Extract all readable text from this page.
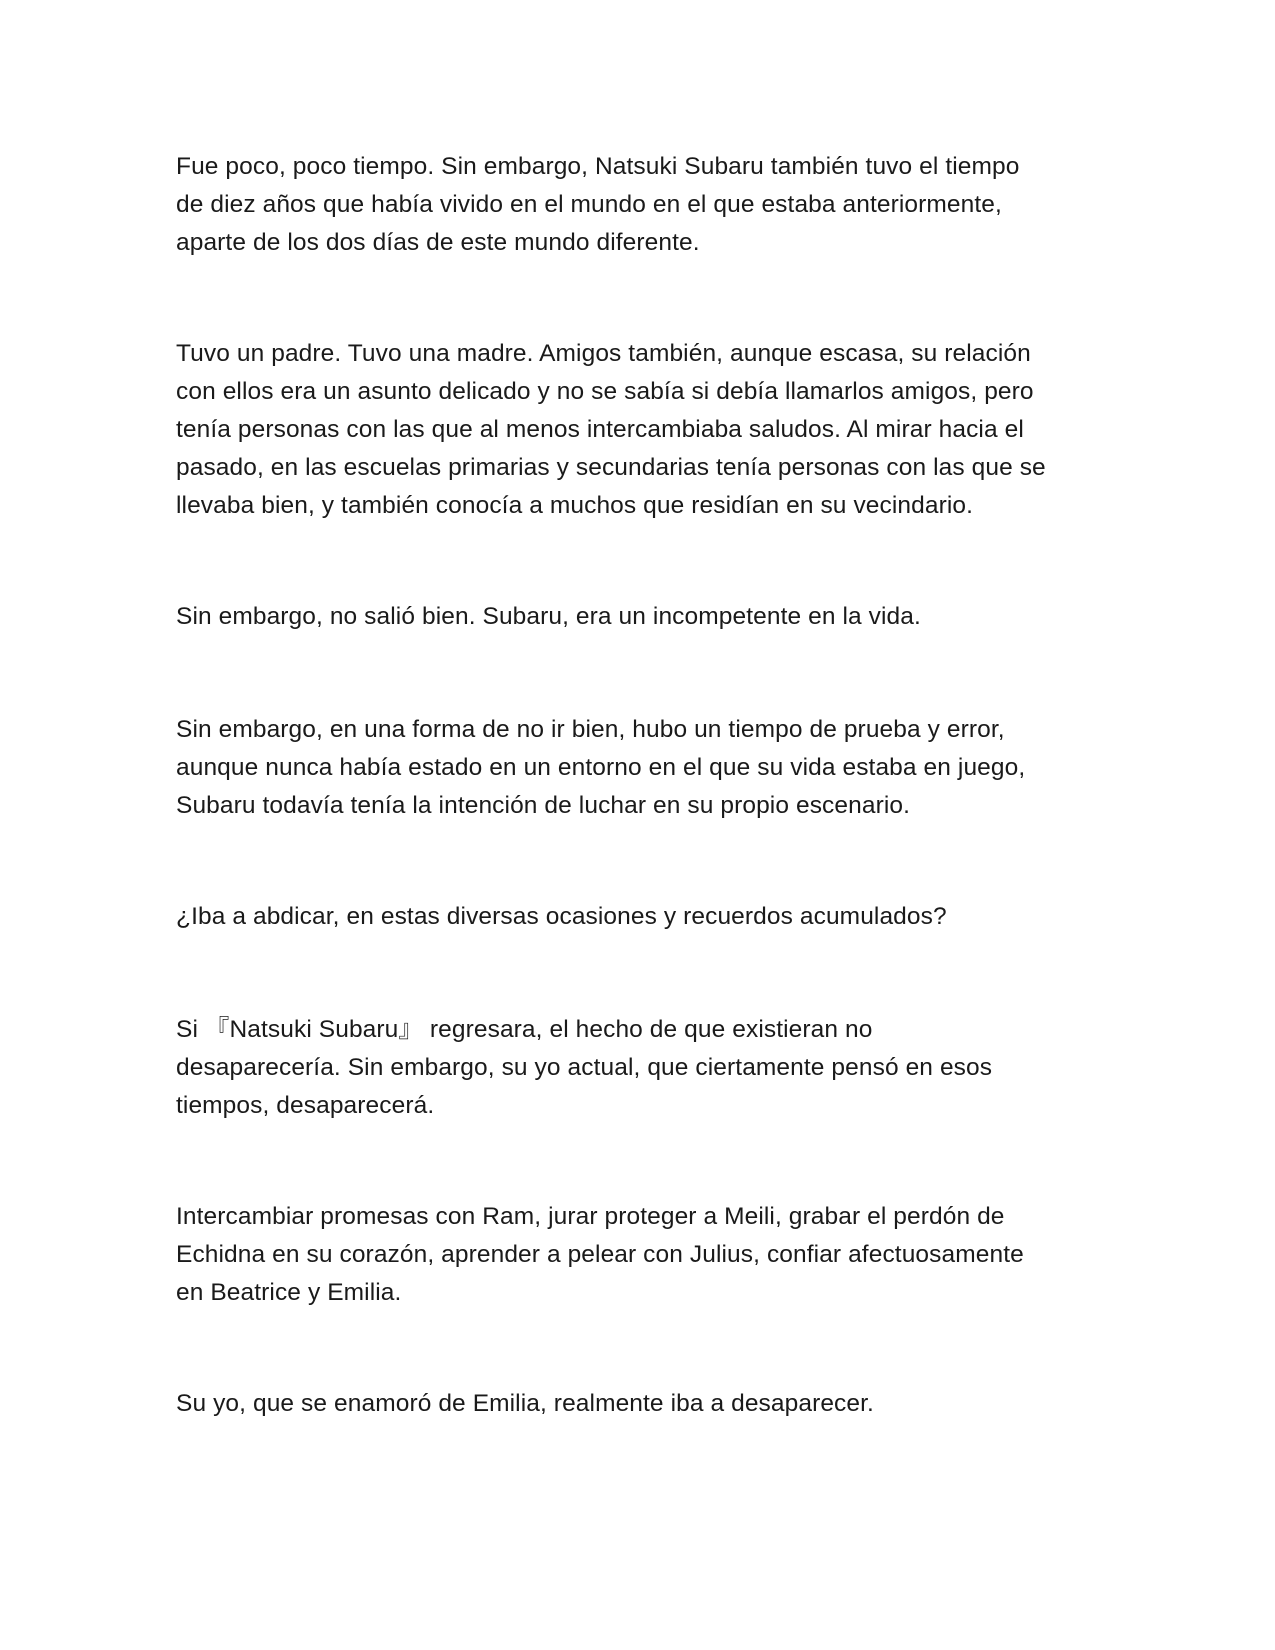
Fue poco, poco tiempo. Sin embargo, Natsuki Subaru también tuvo el tiempo
de diez años que había vivido en el mundo en el que estaba anteriormente,
aparte de los dos días de este mundo diferente.

Tuvo un padre. Tuvo una madre. Amigos también, aunque escasa, su relación
con ellos era un asunto delicado y no se sabía si debía llamarlos amigos, pero
tenía personas con las que al menos intercambiaba saludos. Al mirar hacia el
pasado, en las escuelas primarias y secundarias tenía personas con las que se
llevaba bien, y también conocía a muchos que residían en su vecindario.

Sin embargo, no salió bien. Subaru, era un incompetente en la vida.

Sin embargo, en una forma de no ir bien, hubo un tiempo de prueba y error,
aunque nunca había estado en un entorno en el que su vida estaba en juego,
Subaru todavía tenía la intención de luchar en su propio escenario.

¿Iba a abdicar, en estas diversas ocasiones y recuerdos acumulados?

Si 『Natsuki Subaru』 regresara, el hecho de que existieran no
desaparecería. Sin embargo, su yo actual, que ciertamente pensó en esos
tiempos, desaparecerá.

Intercambiar promesas con Ram, jurar proteger a Meili, grabar el perdón de
Echidna en su corazón, aprender a pelear con Julius, confiar afectuosamente
en Beatrice y Emilia.

Su yo, que se enamoró de Emilia, realmente iba a desaparecer.
